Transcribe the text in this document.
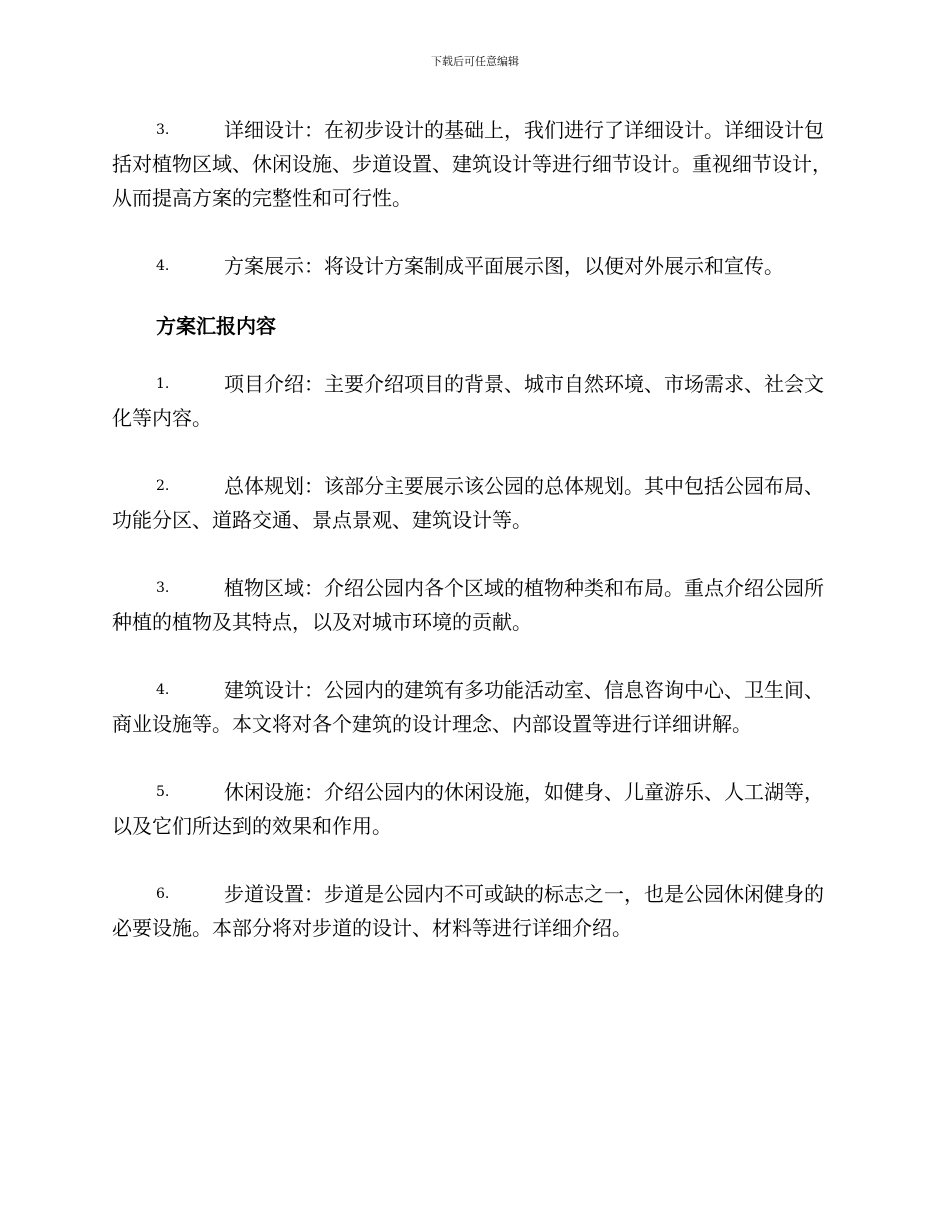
下载后可任意编辑
3.	详细设计：在初步设计的基础上，我们进行了详细设计。详细设计包括对植物区域、休闲设施、步道设置、建筑设计等进行细节设计。重视细节设计，从而提高方案的完整性和可行性。
4.	方案展示：将设计方案制成平面展示图，以便对外展示和宣传。
方案汇报内容
1.	项目介绍：主要介绍项目的背景、城市自然环境、市场需求、社会文化等内容。
2.	总体规划：该部分主要展示该公园的总体规划。其中包括公园布局、功能分区、道路交通、景点景观、建筑设计等。
3.	植物区域：介绍公园内各个区域的植物种类和布局。重点介绍公园所种植的植物及其特点，以及对城市环境的贡献。
4.	建筑设计：公园内的建筑有多功能活动室、信息咨询中心、卫生间、商业设施等。本文将对各个建筑的设计理念、内部设置等进行详细讲解。
5.	休闲设施：介绍公园内的休闲设施，如健身、儿童游乐、人工湖等，以及它们所达到的效果和作用。
6.	步道设置：步道是公园内不可或缺的标志之一，也是公园休闲健身的必要设施。本部分将对步道的设计、材料等进行详细介绍。
